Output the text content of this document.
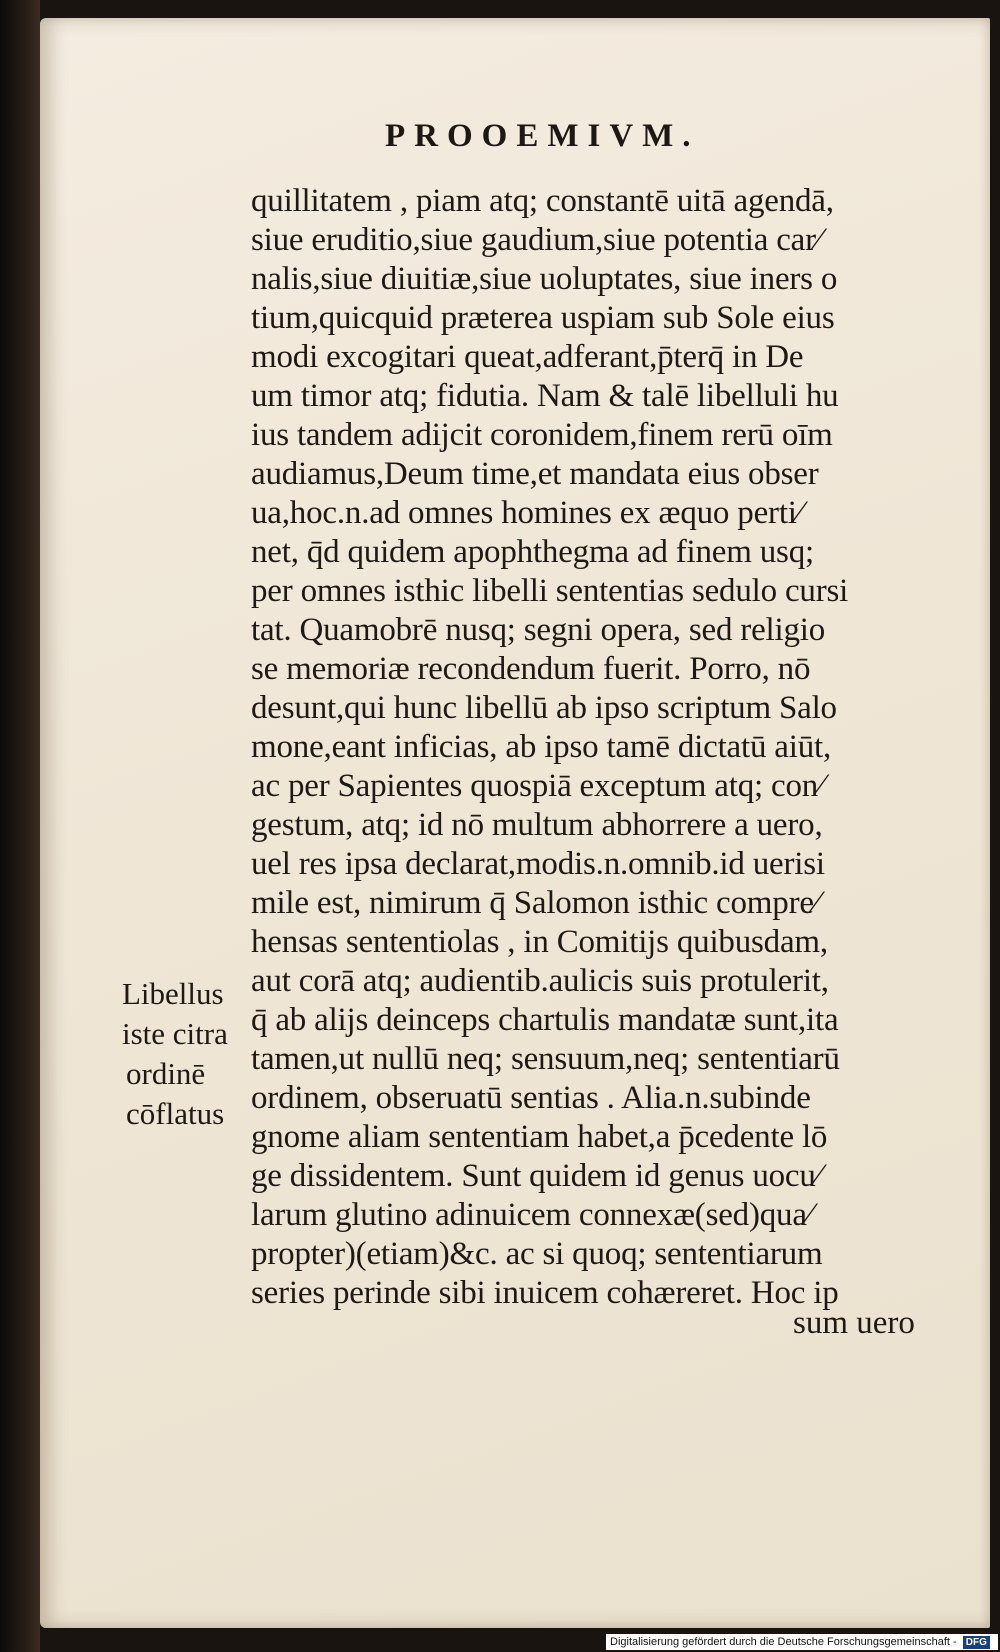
PROOEMIVM.
quillitatem , piam atq; constantē uitā agendā,
siue eruditio,siue gaudium,siue potentia car⁄
nalis,siue diuitiæ,siue uoluptates, siue iners o
tium,quicquid præterea uspiam sub Sole eius
modi excogitari queat,adferant,p̄terq̄ in De
um timor atq; fidutia. Nam & talē libelluli hu
ius tandem adijcit coronidem,finem rerū oīm
audiamus,Deum time,et mandata eius obser
ua,hoc.n.ad omnes homines ex æquo perti⁄
net, q̄d quidem apophthegma ad finem usq;
per omnes isthic libelli sententias sedulo cursi
tat. Quamobrē nusq; segni opera, sed religio
se memoriæ recondendum fuerit. Porro, nō
desunt,qui hunc libellū ab ipso scriptum Salo
mone,eant inficias, ab ipso tamē dictatū aiūt,
ac per Sapientes quospiā exceptum atq; con⁄
gestum, atq; id nō multum abhorrere a uero,
uel res ipsa declarat,modis.n.omnib.id uerisi
mile est, nimirum q̄ Salomon isthic compre⁄
hensas sententiolas , in Comitijs quibusdam,
aut corā atq; audientib.aulicis suis protulerit,
q̄ ab alijs deinceps chartulis mandatæ sunt,ita
tamen,ut nullū neq; sensuum,neq; sententiarū
ordinem, obseruatū sentias . Alia.n.subinde
gnome aliam sententiam habet,a p̄cedente lō
ge dissidentem. Sunt quidem id genus uocu⁄
larum glutino adinuicem connexæ(sed)qua⁄
propter)(etiam)&c. ac si quoq; sententiarum
series perinde sibi inuicem cohæreret. Hoc ip
sum uero
Libellus
iste citra
ordinē
cōflatus
Digitalisierung gefördert durch die Deutsche Forschungsgemeinschaft - DFG
